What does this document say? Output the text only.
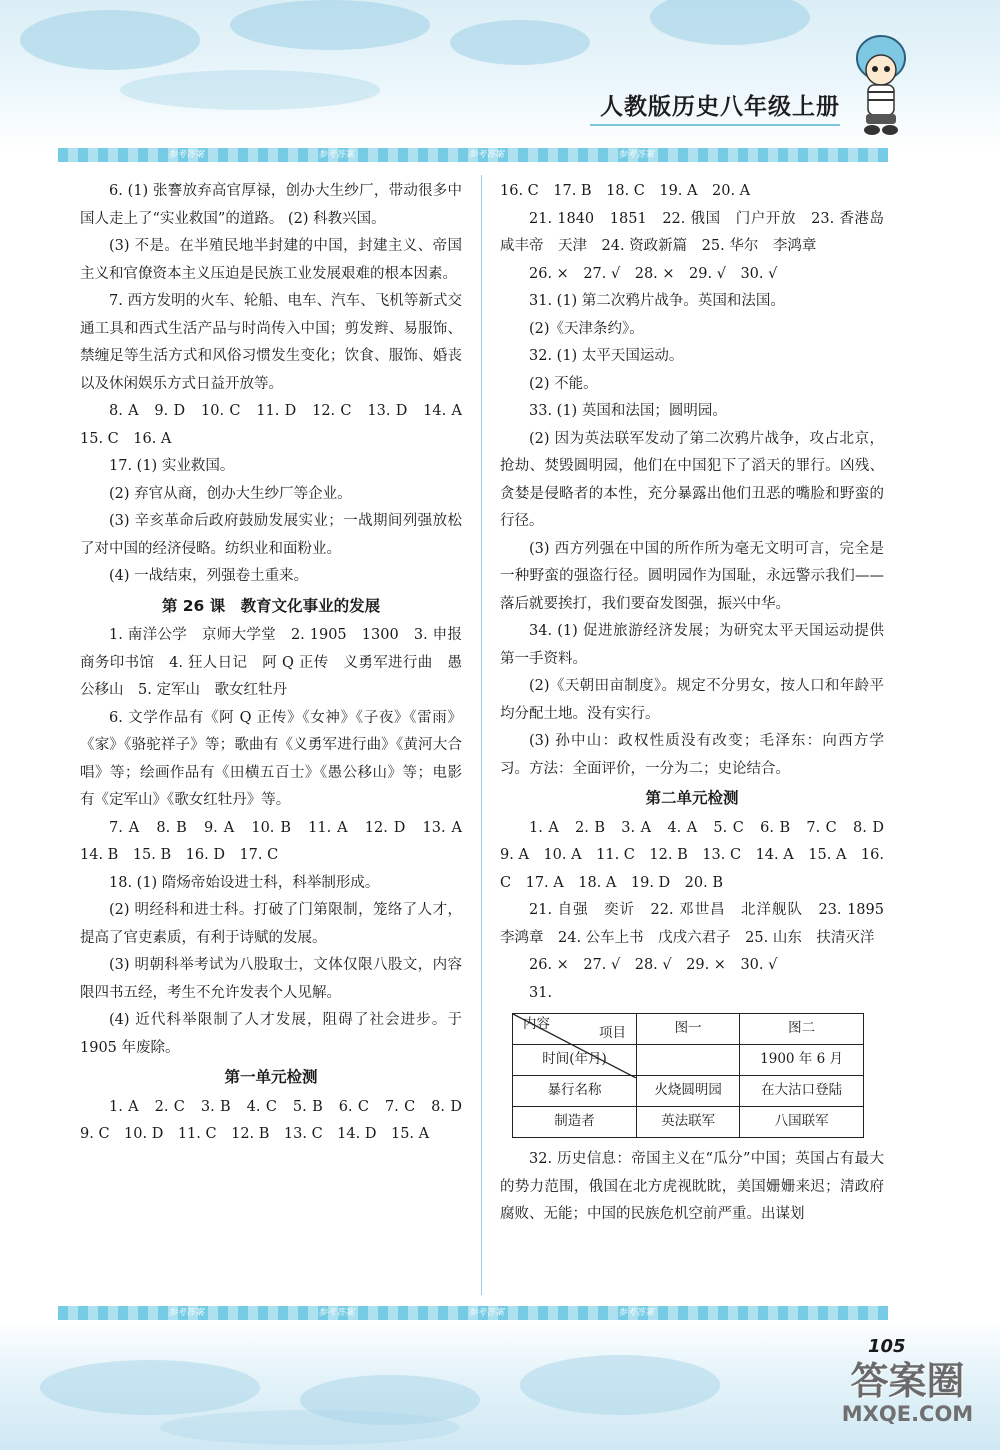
人教版历史八年级上册
参考答案	参考答案	参考答案	参考答案

6. (1) 张謇放弃高官厚禄，创办大生纱厂，带动很多中国人走上了“实业救国”的道路。 (2) 科教兴国。

(3) 不是。在半殖民地半封建的中国，封建主义、帝国主义和官僚资本主义压迫是民族工业发展艰难的根本因素。

7. 西方发明的火车、轮船、电车、汽车、飞机等新式交通工具和西式生活产品与时尚传入中国；剪发辫、易服饰、禁缠足等生活方式和风俗习惯发生变化；饮食、服饰、婚丧以及休闲娱乐方式日益开放等。

8. A　9. D　10. C　11. D　12. C　13. D　14. A　15. C　16. A

17. (1) 实业救国。

(2) 弃官从商，创办大生纱厂等企业。

(3) 辛亥革命后政府鼓励发展实业；一战期间列强放松了对中国的经济侵略。纺织业和面粉业。

(4) 一战结束，列强卷土重来。

第 26 课　教育文化事业的发展

1. 南洋公学　京师大学堂　2. 1905　1300　3. 申报　商务印书馆　4. 狂人日记　阿 Q 正传　义勇军进行曲　愚公移山　5. 定军山　歌女红牡丹

6. 文学作品有《阿 Q 正传》《女神》《子夜》《雷雨》《家》《骆驼祥子》等；歌曲有《义勇军进行曲》《黄河大合唱》等；绘画作品有《田横五百士》《愚公移山》等；电影有《定军山》《歌女红牡丹》等。

7. A　8. B　9. A　10. B　11. A　12. D　13. A　14. B　15. B　16. D　17. C

18. (1) 隋炀帝始设进士科，科举制形成。

(2) 明经科和进士科。打破了门第限制，笼络了人才，提高了官吏素质，有利于诗赋的发展。

(3) 明朝科举考试为八股取士，文体仅限八股文，内容限四书五经，考生不允许发表个人见解。

(4) 近代科举限制了人才发展，阻碍了社会进步。于 1905 年废除。

第一单元检测

1. A　2. C　3. B　4. C　5. B　6. C　7. C　8. D　9. C　10. D　11. C　12. B　13. C　14. D　15. A

16. C　17. B　18. C　19. A　20. A

21. 1840　1851　22. 俄国　门户开放　23. 香港岛　咸丰帝　天津　24. 资政新篇　25. 华尔　李鸿章

26. ×　27. √　28. ×　29. √　30. √

31. (1) 第二次鸦片战争。英国和法国。

(2)《天津条约》。

32. (1) 太平天国运动。

(2) 不能。

33. (1) 英国和法国；圆明园。

(2) 因为英法联军发动了第二次鸦片战争，攻占北京，抢劫、焚毁圆明园，他们在中国犯下了滔天的罪行。凶残、贪婪是侵略者的本性，充分暴露出他们丑恶的嘴脸和野蛮的行径。

(3) 西方列强在中国的所作所为毫无文明可言，完全是一种野蛮的强盗行径。圆明园作为国耻，永远警示我们——落后就要挨打，我们要奋发图强，振兴中华。

34. (1) 促进旅游经济发展；为研究太平天国运动提供第一手资料。

(2)《天朝田亩制度》。规定不分男女，按人口和年龄平均分配土地。没有实行。

(3) 孙中山：政权性质没有改变；毛泽东：向西方学习。方法：全面评价，一分为二；史论结合。

第二单元检测

1. A　2. B　3. A　4. A　5. C　6. B　7. C　8. D　9. A　10. A　11. C　12. B　13. C　14. A　15. A　16. C　17. A　18. A　19. D　20. B

21. 自强　奕䜣　22. 邓世昌　北洋舰队　23. 1895　李鸿章　24. 公车上书　戊戌六君子　25. 山东　扶清灭洋

26. ×　27. √　28. √　29. ×　30. √

31.

项目
内容	图一	图二
时间(年月)		1900 年 6 月
暴行名称	火烧圆明园	在大沽口登陆
制造者	英法联军	八国联军

32. 历史信息：帝国主义在“瓜分”中国；英国占有最大的势力范围，俄国在北方虎视眈眈，美国姗姗来迟；清政府腐败、无能；中国的民族危机空前严重。出谋划

参考答案	参考答案	参考答案	参考答案
105
答案圈
MXQE.COM
